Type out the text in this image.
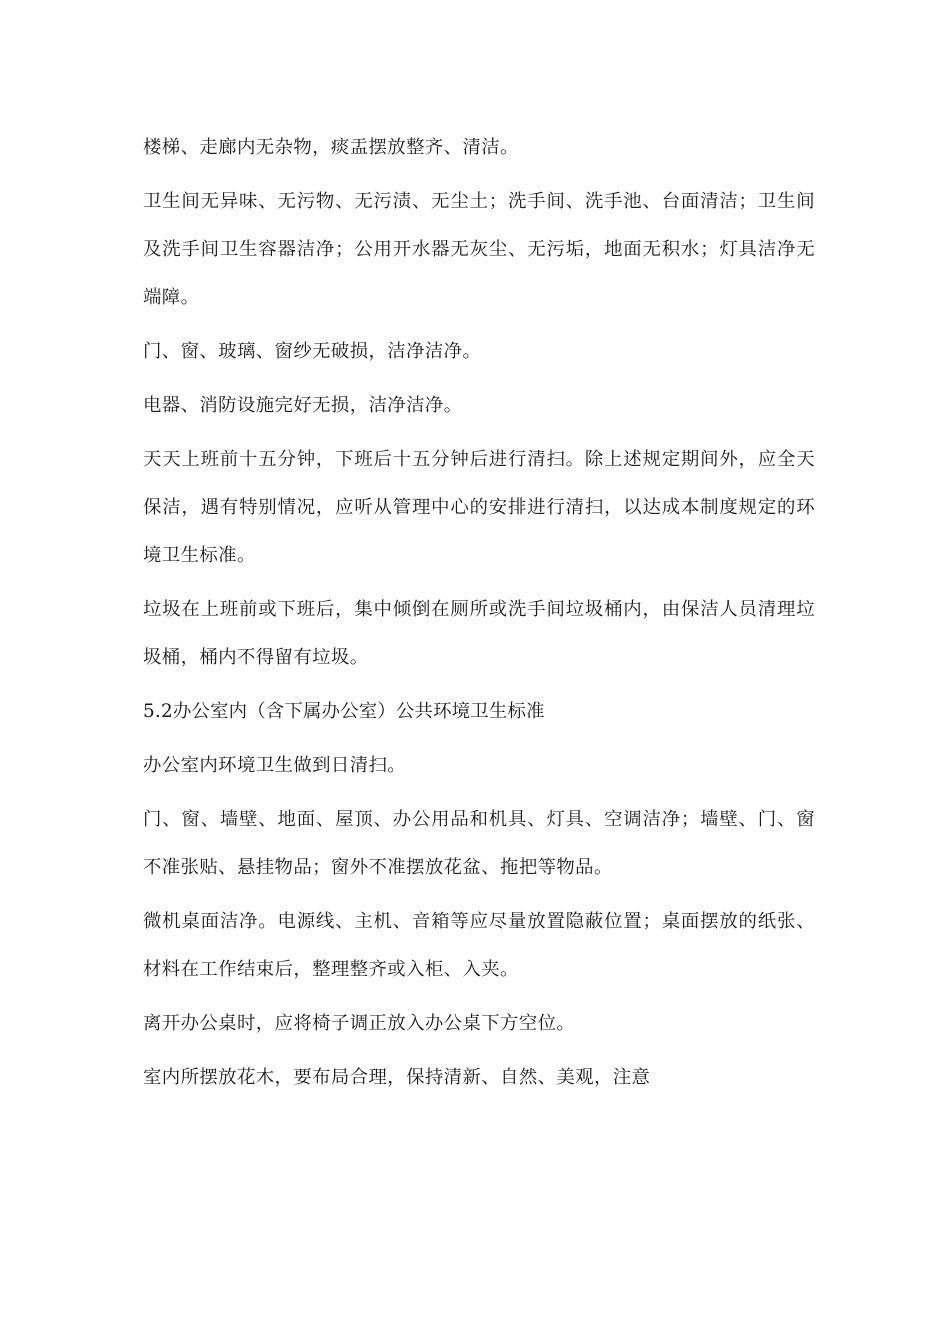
楼梯、走廊内无杂物，痰盂摆放整齐、清洁。

卫生间无异味、无污物、无污渍、无尘土；洗手间、洗手池、台面清洁；卫生间及洗手间卫生容器洁净；公用开水器无灰尘、无污垢，地面无积水；灯具洁净无端障。

门、窗、玻璃、窗纱无破损，洁净洁净。

电器、消防设施完好无损，洁净洁净。

天天上班前十五分钟，下班后十五分钟后进行清扫。除上述规定期间外，应全天保洁，遇有特别情况，应听从管理中心的安排进行清扫，以达成本制度规定的环境卫生标准。

垃圾在上班前或下班后，集中倾倒在厕所或洗手间垃圾桶内，由保洁人员清理垃圾桶，桶内不得留有垃圾。

5.2办公室内（含下属办公室）公共环境卫生标准

办公室内环境卫生做到日清扫。

门、窗、墙壁、地面、屋顶、办公用品和机具、灯具、空调洁净；墙壁、门、窗不准张贴、悬挂物品；窗外不准摆放花盆、拖把等物品。

微机桌面洁净。电源线、主机、音箱等应尽量放置隐蔽位置；桌面摆放的纸张、材料在工作结束后，整理整齐或入柜、入夹。

离开办公桌时，应将椅子调正放入办公桌下方空位。

室内所摆放花木，要布局合理，保持清新、自然、美观，注意
